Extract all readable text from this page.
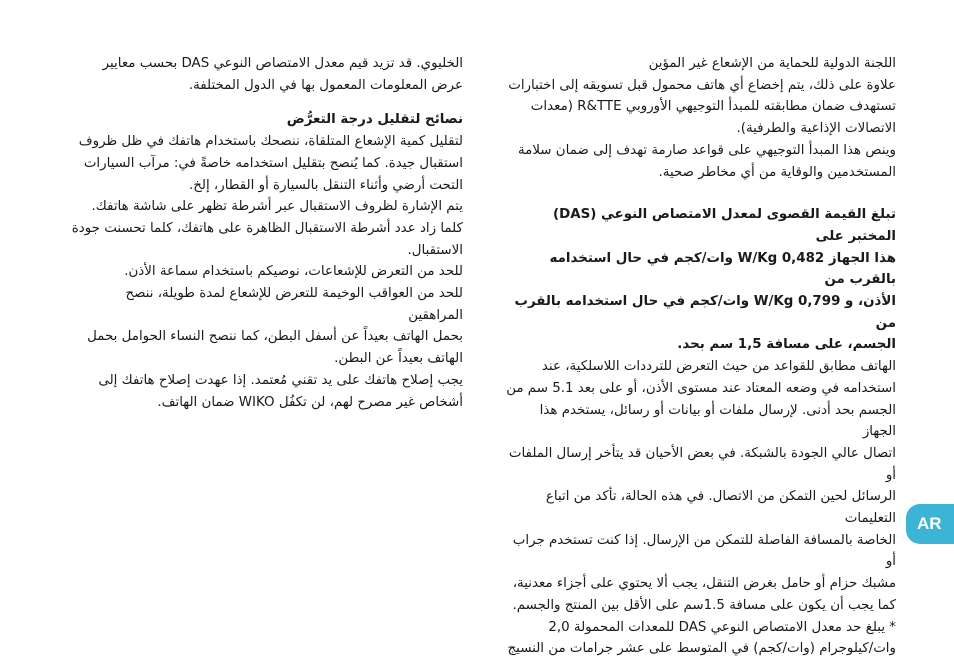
اللجنة الدولية للحماية من الإشعاع غير المؤين

علاوة على ذلك، يتم إخضاع أي هاتف محمول قبل تسويقه إلى اختبارات

تستهدف ضمان مطابقته للمبدأ التوجيهي الأوروبي R&TTE (معدات

الاتصالات الإذاعية والطرفية).

وينص هذا المبدأ التوجيهي على قواعد صارمة تهدف إلى ضمان سلامة

المستخدمين والوقاية من أي مخاطر صحية.

تبلغ القيمة القصوى لمعدل الامتصاص النوعي (DAS) المختبر على

هذا الجهاز 0,482 W/Kg وات/كجم في حال استخدامه بالقرب من

الأذن، و 0,799 W/Kg وات/كجم في حال استخدامه بالقرب من

الجسم، على مسافة 1,5 سم بحد.

الهاتف مطابق للقواعد من حيث التعرض للترددات اللاسلكية، عند

استخدامه في وضعه المعتاد عند مستوى الأذن، أو على بعد 5.1 سم من

الجسم بحد أدنى. لإرسال ملفات أو بيانات أو رسائل، يستخدم هذا الجهاز

اتصال عالي الجودة بالشبكة. في بعض الأحيان قد يتأخر إرسال الملفات أو

الرسائل لحين التمكن من الاتصال. في هذه الحالة، تأكد من اتباع التعليمات

الخاصة بالمسافة الفاصلة للتمكن من الإرسال. إذا كنت تستخدم جراب أو

مشبك حزام أو حامل بغرض التنقل، يجب ألا يحتوي على أجزاء معدنية،

كما يجب أن يكون على مسافة 1.5سم على الأقل بين المنتج والجسم.

* يبلغ حد معدل الامتصاص النوعي DAS للمعدات المحمولة 2,0

وات/كيلوجرام (وات/كجم) في المتوسط على عشر جرامات من النسيج

الخليوي. قد تزيد قيم معدل الامتصاص النوعي DAS بحسب معايير

عرض المعلومات المعمول بها في الدول المختلفة.

نصائح لتقليل درجة التعرُّض

لتقليل كمية الإشعاع المتلقاة، ننصحك باستخدام هاتفك في ظل ظروف

استقبال جيدة. كما يُنصح بتقليل استخدامه خاصةً في: مرآب السيارات

التحت أرضي وأثناء التنقل بالسيارة أو القطار، إلخ.

يتم الإشارة لظروف الاستقبال عبر أشرطة تظهر على شاشة هاتفك.

كلما زاد عدد أشرطة الاستقبال الظاهرة على هاتفك، كلما تحسنت جودة

الاستقبال.

للحد من التعرض للإشعاعات، نوصيكم باستخدام سماعة الأذن.

للحد من العواقب الوخيمة للتعرض للإشعاع لمدة طويلة، ننصح المراهقين

بحمل الهاتف بعيداً عن أسفل البطن، كما ننصح النساء الحوامل بحمل

الهاتف بعيداً عن البطن.

يجب إصلاح هاتفك على يد تقني مُعتمد. إذا عهدت إصلاح هاتفك إلى

أشخاص غير مصرح لهم، لن تكفُل WIKO ضمان الهاتف.

AR
